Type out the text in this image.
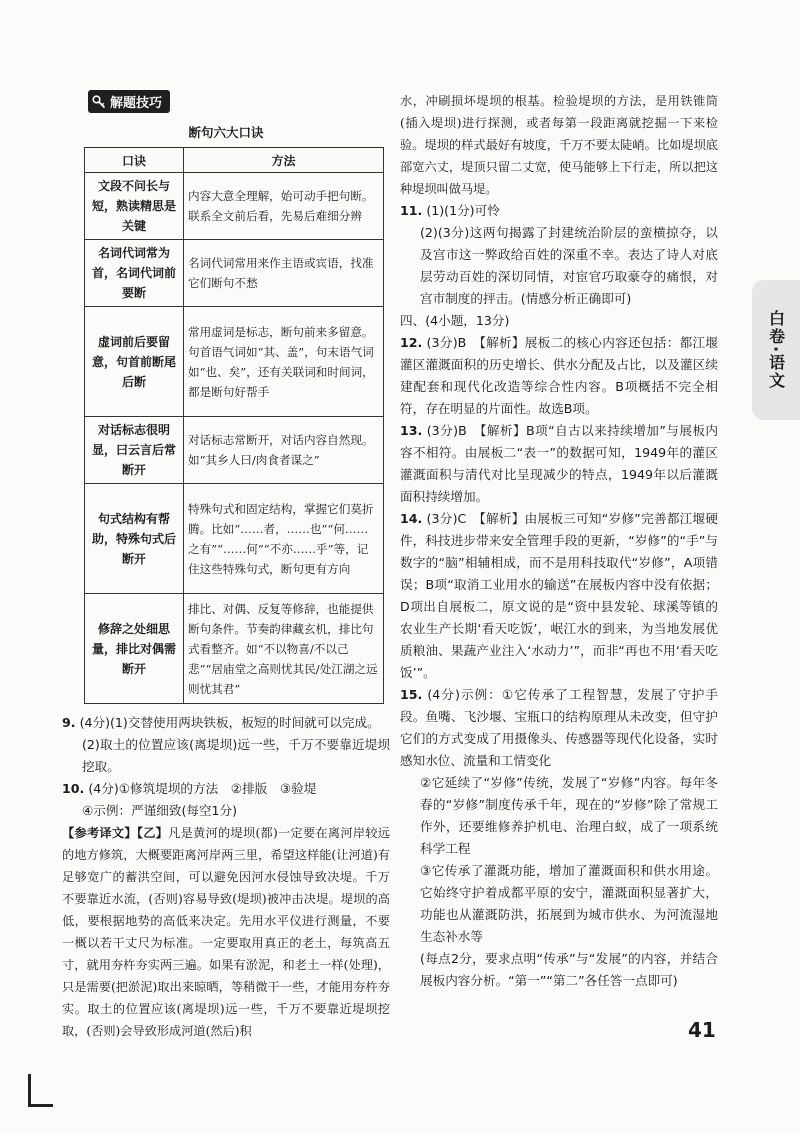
解题技巧
断句六大口诀
口诀	方法
文段不问长与短，熟读精思是关键	内容大意全理解，始可动手把句断。联系全文前后看，先易后难细分辨
名词代词常为首，名词代词前要断	名词代词常用来作主语或宾语，找准它们断句不愁
虚词前后要留意，句首前断尾后断	常用虚词是标志，断句前来多留意。句首语气词如“其、盖”，句末语气词如“也、矣”，还有关联词和时间词，都是断句好帮手
对话标志很明显，曰云言后常断开	对话标志常断开，对话内容自然现。如“其乡人曰/肉食者谋之”
句式结构有帮助，特殊句式后断开	特殊句式和固定结构，掌握它们莫折腾。比如“……者，……也”“何……之有”“……何”“不亦……乎”等，记住这些特殊句式，断句更有方向
修辞之处细思量，排比对偶需断开	排比、对偶、反复等修辞，也能提供断句条件。节奏韵律藏玄机，排比句式看整齐。如“不以物喜/不以己悲”“居庙堂之高则忧其民/处江湖之远则忧其君”

9. (4分)(1)交替使用两块铁板，板短的时间就可以完成。

(2)取土的位置应该(离堤坝)远一些，千万不要靠近堤坝挖取。

10. (4分)①修筑堤坝的方法　②排版　③验堤

④示例：严谨细致(每空1分)

【参考译文】【乙】凡是黄河的堤坝(都)一定要在离河岸较远的地方修筑，大概要距离河岸两三里，希望这样能(让河道)有足够宽广的蓄洪空间，可以避免因河水侵蚀导致决堤。千万不要靠近水流，(否则)容易导致(堤坝)被冲击决堤。堤坝的高低，要根据地势的高低来决定。先用水平仪进行测量，不要一概以若干丈尺为标准。一定要取用真正的老土，每筑高五寸，就用夯杵夯实两三遍。如果有淤泥，和老土一样(处理)，只是需要(把淤泥)取出来晾晒，等稍微干一些，才能用夯杵夯实。取土的位置应该(离堤坝)远一些，千万不要靠近堤坝挖取，(否则)会导致形成河道(然后)积

水，冲刷损坏堤坝的根基。检验堤坝的方法，是用铁锥筒(插入堤坝)进行探测，或者每第一段距离就挖掘一下来检验。堤坝的样式最好有坡度，千万不要太陡峭。比如堤坝底部宽六丈，堤顶只留二丈宽，使马能够上下行走，所以把这种堤坝叫做马堤。

11. (1)(1分)可怜

(2)(3分)这两句揭露了封建统治阶层的蛮横掠夺，以及宫市这一弊政给百姓的深重不幸。表达了诗人对底层劳动百姓的深切同情，对宦官巧取豪夺的痛恨，对宫市制度的抨击。(情感分析正确即可)

四、(4小题，13分)

12. (3分)B　【解析】展板二的核心内容还包括：都江堰灌区灌溉面积的历史增长、供水分配及占比，以及灌区续建配套和现代化改造等综合性内容。B项概括不完全相符，存在明显的片面性。故选B项。

13. (3分)B　【解析】B项“自古以来持续增加”与展板内容不相符。由展板二“表一”的数据可知，1949年的灌区灌溉面积与清代对比呈现减少的特点，1949年以后灌溉面积持续增加。

14. (3分)C　【解析】由展板三可知“岁修”完善都江堰硬件，科技进步带来安全管理手段的更新，“岁修”的“手”与数字的“脑”相辅相成，而不是用科技取代“岁修”，A项错误；B项“取消工业用水的输送”在展板内容中没有依据；D项出自展板二，原文说的是“资中县发轮、球溪等镇的农业生产长期‘看天吃饭’，岷江水的到来，为当地发展优质粮油、果蔬产业注入‘水动力’”，而非“再也不用‘看天吃饭’”。

15. (4分)示例：①它传承了工程智慧，发展了守护手段。鱼嘴、飞沙堰、宝瓶口的结构原理从未改变，但守护它们的方式变成了用摄像头、传感器等现代化设备，实时感知水位、流量和工情变化

②它延续了“岁修”传统，发展了“岁修”内容。每年冬春的“岁修”制度传承千年，现在的“岁修”除了常规工作外，还要维修养护机电、治理白蚁，成了一项系统科学工程

③它传承了灌溉功能，增加了灌溉面积和供水用途。它始终守护着成都平原的安宁，灌溉面积显著扩大，功能也从灌溉防洪，拓展到为城市供水、为河流湿地生态补水等

(每点2分，要求点明“传承”与“发展”的内容，并结合展板内容分析。“第一”“第二”各任答一点即可)

白卷·语文
41
